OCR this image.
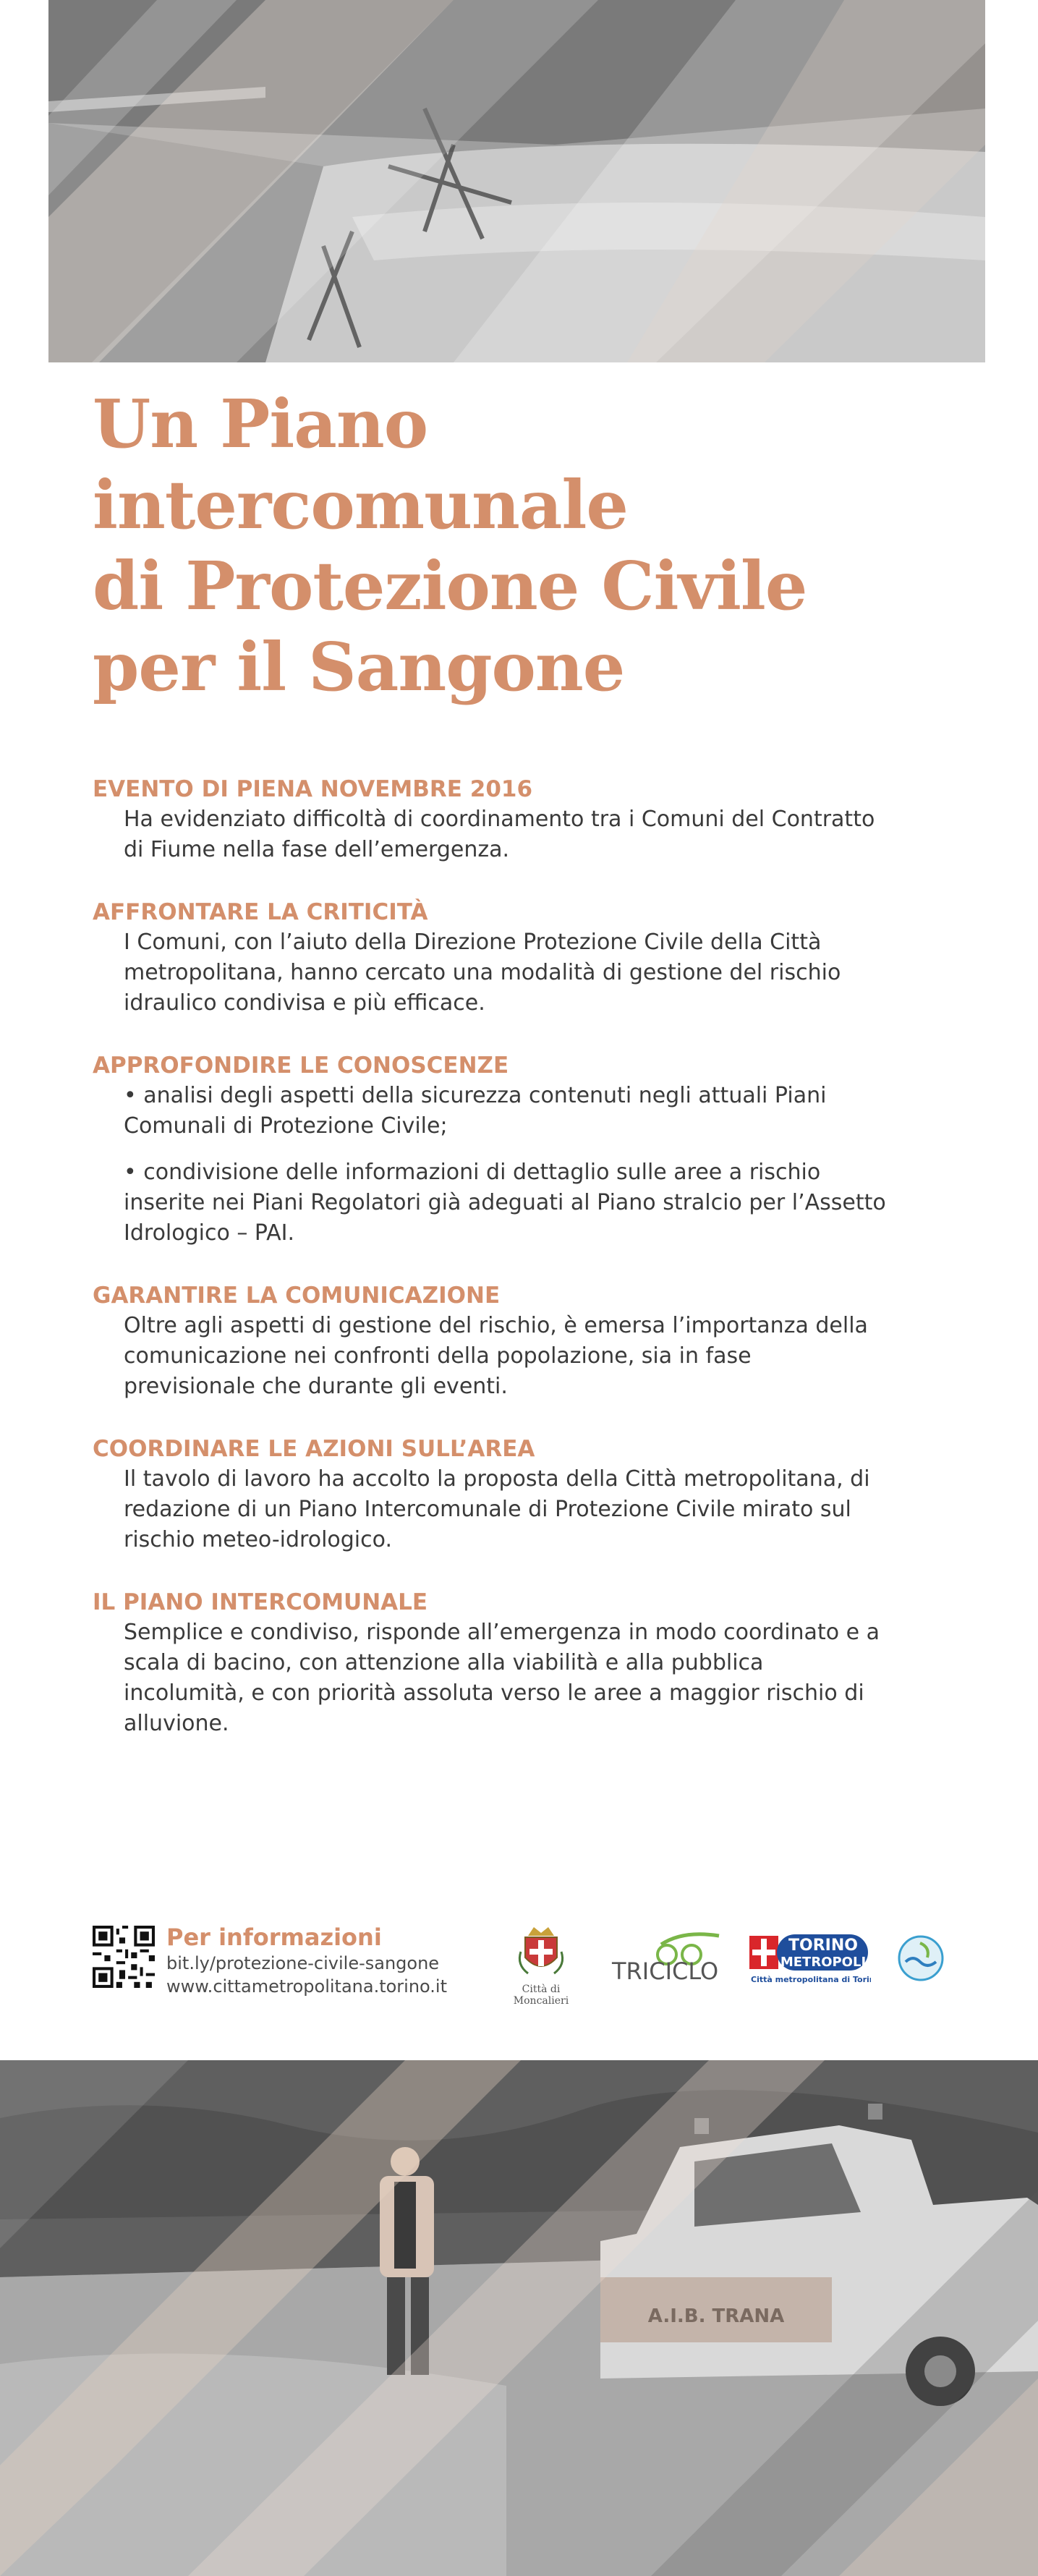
Un Piano
intercomunale
di Protezione Civile
per il Sangone
EVENTO DI PIENA NOVEMBRE 2016

Ha evidenziato difficoltà di coordinamento tra i Comuni del Contratto di Fiume nella fase dell’emergenza.

AFFRONTARE LA CRITICITÀ

I Comuni, con l’aiuto della Direzione Protezione Civile della Città metropolitana, hanno cercato una modalità di gestione del rischio idraulico condivisa e più efficace.

APPROFONDIRE LE CONOSCENZE

• analisi degli aspetti della sicurezza contenuti negli attuali Piani Comunali di Protezione Civile;

• condivisione delle informazioni di dettaglio sulle aree a rischio inserite nei Piani Regolatori già adeguati al Piano stralcio per l’Assetto Idrologico – PAI.

GARANTIRE LA COMUNICAZIONE

Oltre agli aspetti di gestione del rischio, è emersa l’importanza della comunicazione nei confronti della popolazione, sia in fase previsionale che durante gli eventi.

COORDINARE LE AZIONI SULL’AREA

Il tavolo di lavoro ha accolto la proposta della Città metropolitana, di redazione di un Piano Intercomunale di Protezione Civile mirato sul rischio meteo-idrologico.

IL PIANO INTERCOMUNALE

Semplice e condiviso, risponde all’emergenza in modo coordinato e a scala di bacino, con attenzione alla viabilità e alla pubblica incolumità, e con priorità assoluta verso le aree a maggior rischio di alluvione.

Per informazioni
bit.ly/protezione-civile-sangone
www.cittametropolitana.torino.it	Città di
Moncalieri
TRICICLO
TORINO
METROPOLI
Città metropolitana di Torino
A.I.B. TRANA
